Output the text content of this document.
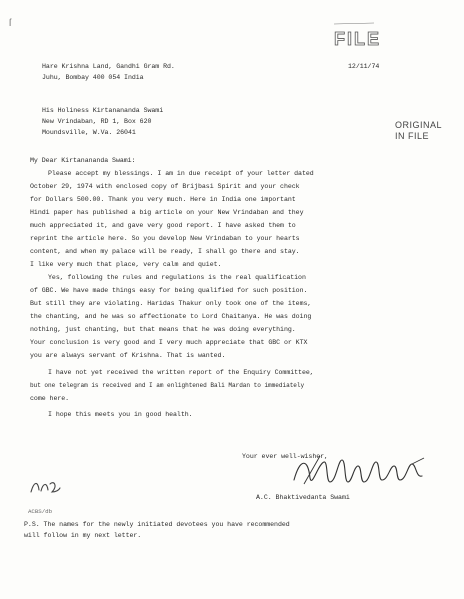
ſ
FILE
Hare Krishna Land, Gandhi Gram Rd.
Juhu, Bombay 400 054 India
12/11/74
His Holiness Kirtanananda Swami
New Vrindaban, RD 1, Box 620
Moundsville, W.Va. 26041
ORIGINAL
IN FILE
My Dear Kirtanananda Swami:
Please accept my blessings. I am in due receipt of your letter dated
October 29, 1974 with enclosed copy of Brijbasi Spirit and your check
for Dollars 500.00. Thank you very much. Here in India one important
Hindi paper has published a big article on your New Vrindaban and they
much appreciated it, and gave very good report. I have asked them to
reprint the article here. So you develop New Vrindaban to your hearts
content, and when my palace will be ready, I shall go there and stay.
I like very much that place, very calm and quiet.
Yes, following the rules and regulations is the real qualification
of GBC. We have made things easy for being qualified for such position.
But still they are violating. Haridas Thakur only took one of the items,
the chanting, and he was so affectionate to Lord Chaitanya. He was doing
nothing, just chanting, but that means that he was doing everything.
Your conclusion is very good and I very much appreciate that GBC or KTX
you are always servant of Krishna. That is wanted.
I have not yet received the written report of the Enquiry Committee,
but one telegram is received and I am enlightened Bali Mardan to immediately
come here.
I hope this meets you in good health.
Your ever well-wisher,
A.C. Bhaktivedanta Swami
ACBS/db
P.S. The names for the newly initiated devotees you have recommended
will follow in my next letter.
